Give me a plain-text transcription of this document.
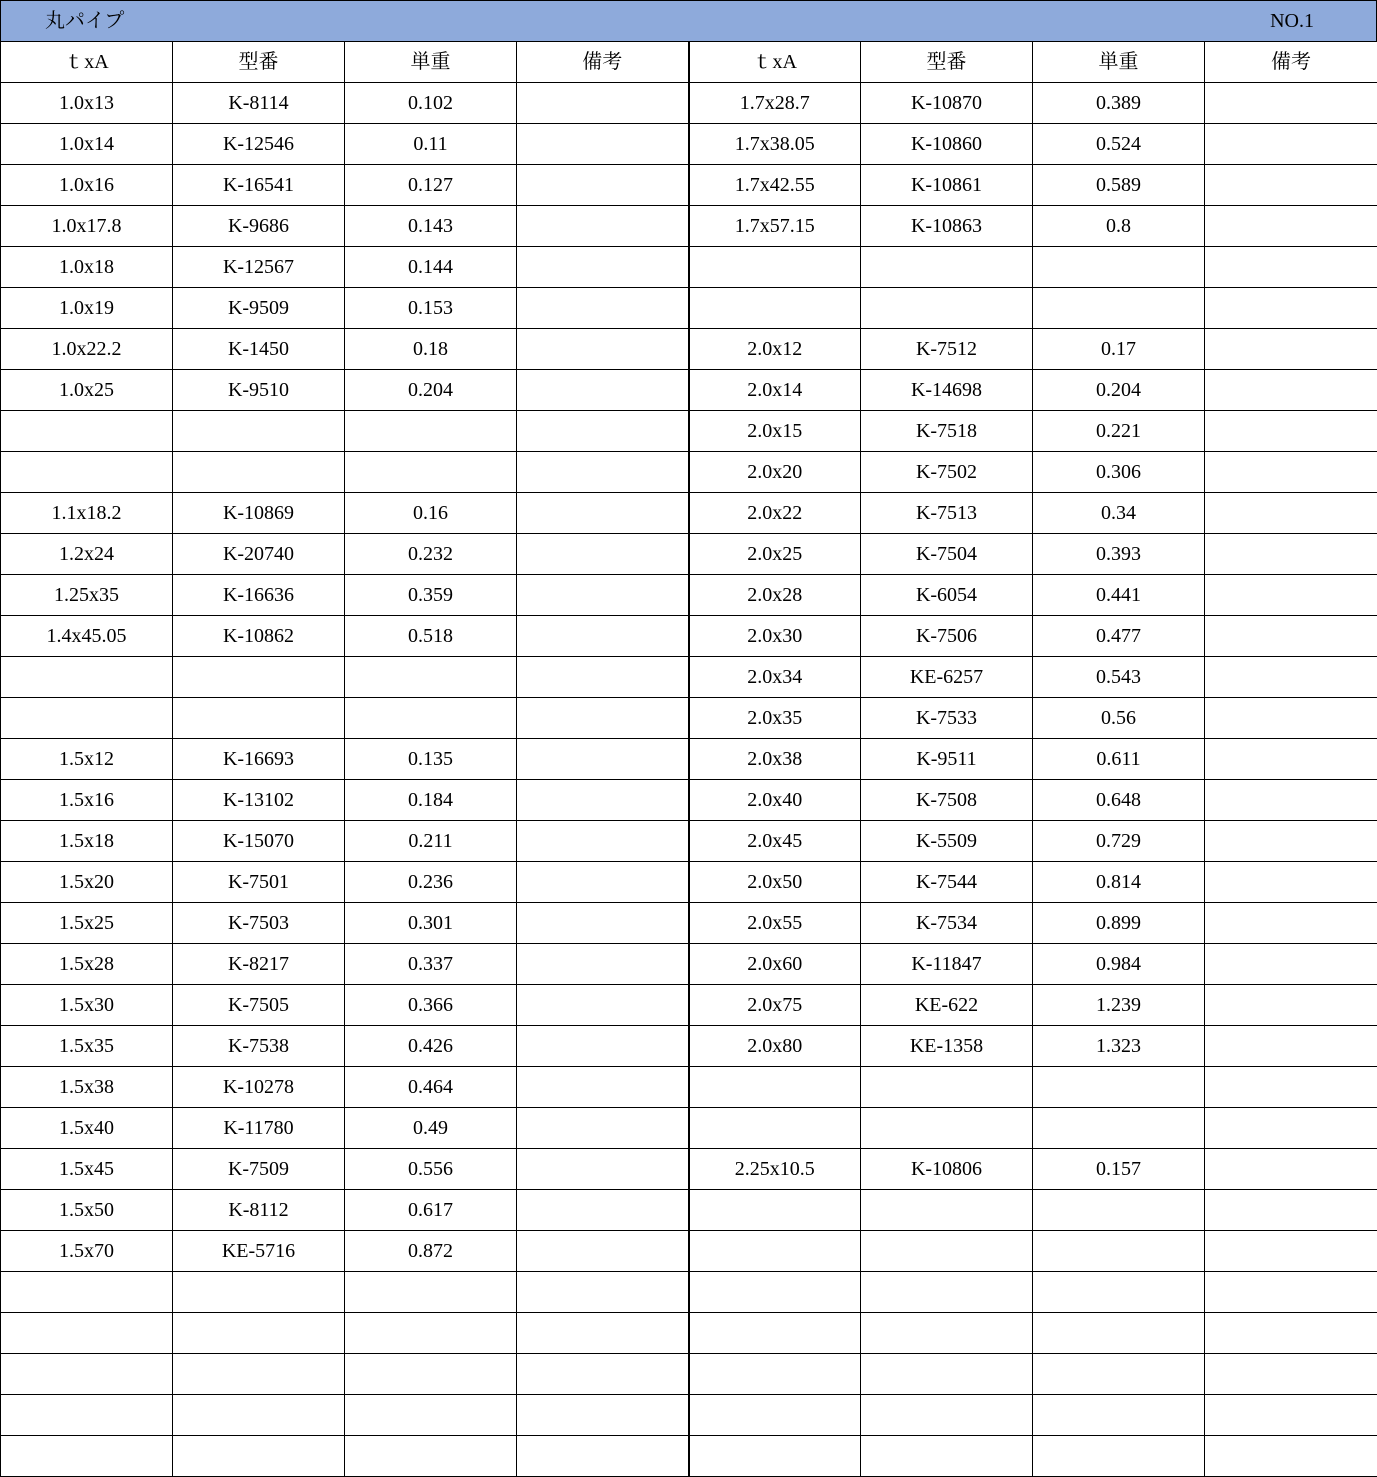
丸パイプ	NO.1
ｔxA	型番	単重	備考	ｔxA	型番	単重	備考
1.0x13	K-8114	0.102		1.7x28.7	K-10870	0.389	
1.0x14	K-12546	0.11		1.7x38.05	K-10860	0.524	
1.0x16	K-16541	0.127		1.7x42.55	K-10861	0.589	
1.0x17.8	K-9686	0.143		1.7x57.15	K-10863	0.8	
1.0x18	K-12567	0.144					
1.0x19	K-9509	0.153					
1.0x22.2	K-1450	0.18		2.0x12	K-7512	0.17	
1.0x25	K-9510	0.204		2.0x14	K-14698	0.204	
				2.0x15	K-7518	0.221	
				2.0x20	K-7502	0.306	
1.1x18.2	K-10869	0.16		2.0x22	K-7513	0.34	
1.2x24	K-20740	0.232		2.0x25	K-7504	0.393	
1.25x35	K-16636	0.359		2.0x28	K-6054	0.441	
1.4x45.05	K-10862	0.518		2.0x30	K-7506	0.477	
				2.0x34	KE-6257	0.543	
				2.0x35	K-7533	0.56	
1.5x12	K-16693	0.135		2.0x38	K-9511	0.611	
1.5x16	K-13102	0.184		2.0x40	K-7508	0.648	
1.5x18	K-15070	0.211		2.0x45	K-5509	0.729	
1.5x20	K-7501	0.236		2.0x50	K-7544	0.814	
1.5x25	K-7503	0.301		2.0x55	K-7534	0.899	
1.5x28	K-8217	0.337		2.0x60	K-11847	0.984	
1.5x30	K-7505	0.366		2.0x75	KE-622	1.239	
1.5x35	K-7538	0.426		2.0x80	KE-1358	1.323	
1.5x38	K-10278	0.464					
1.5x40	K-11780	0.49					
1.5x45	K-7509	0.556		2.25x10.5	K-10806	0.157	
1.5x50	K-8112	0.617					
1.5x70	KE-5716	0.872					
